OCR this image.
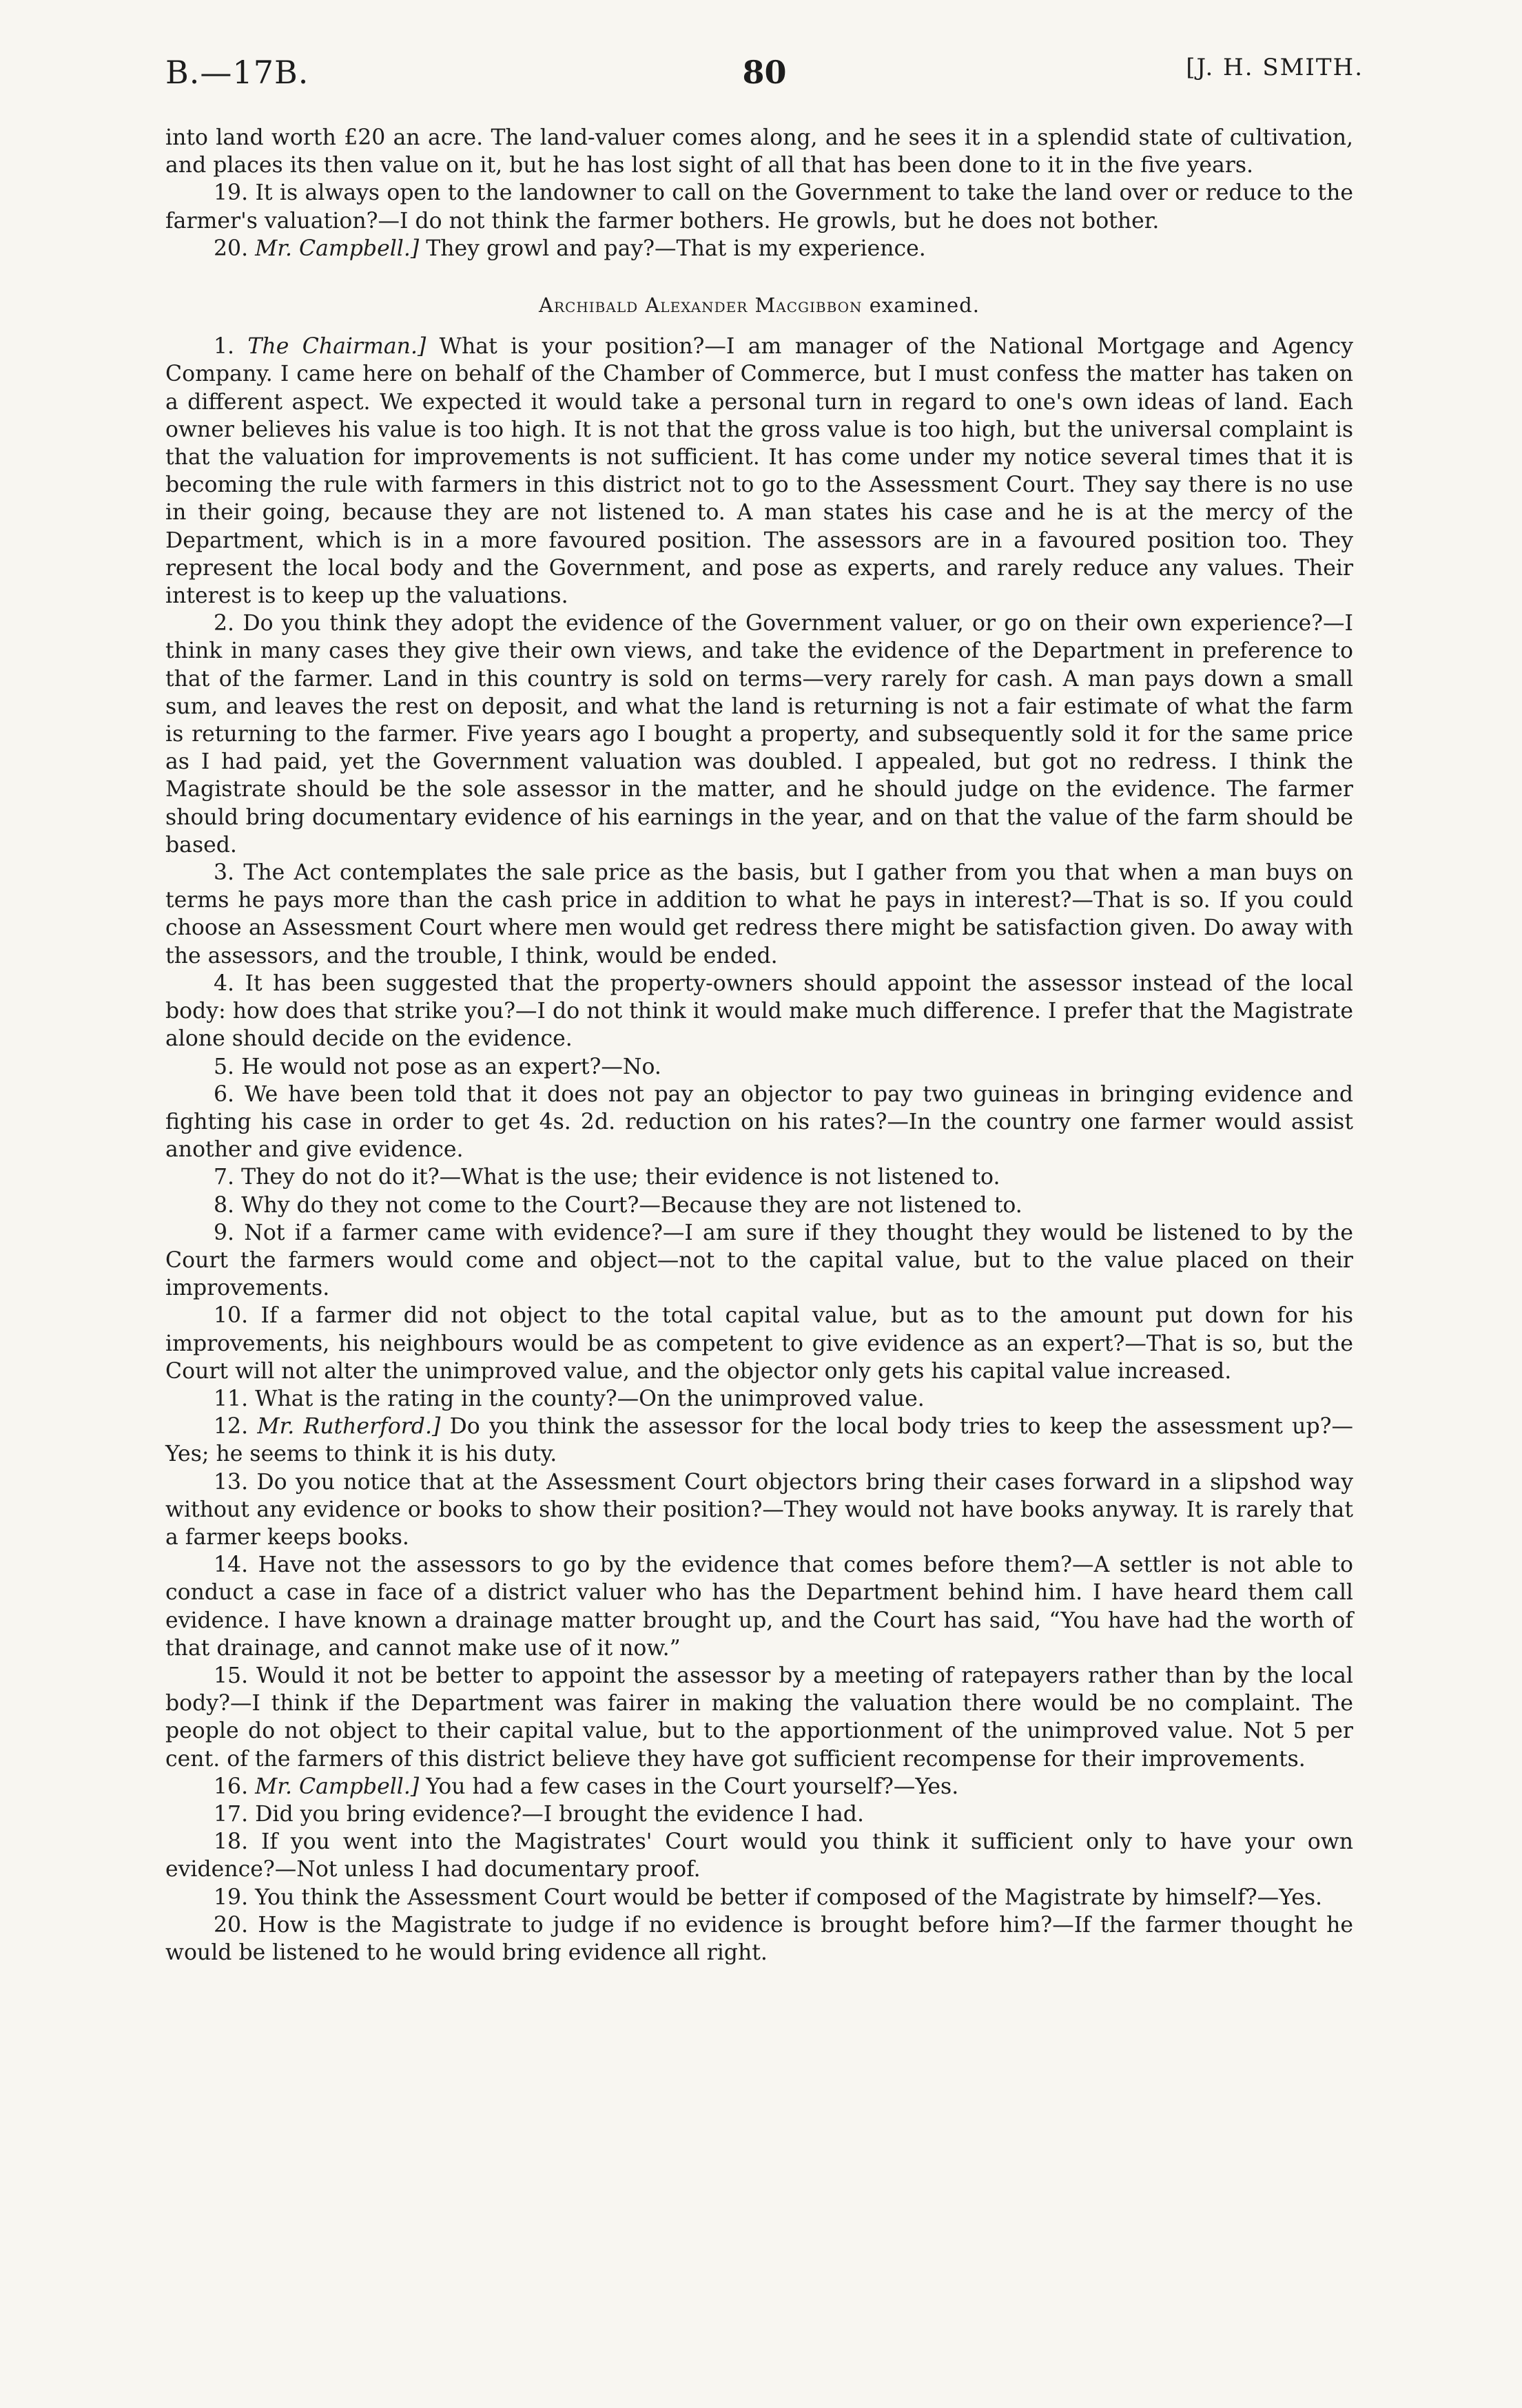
B.—17B.	80	[J. H. SMITH.

into land worth £20 an acre. The land-valuer comes along, and he sees it in a splendid state of cultivation, and places its then value on it, but he has lost sight of all that has been done to it in the five years.

19. It is always open to the landowner to call on the Government to take the land over or reduce to the farmer's valuation?—I do not think the farmer bothers. He growls, but he does not bother.

20. Mr. Campbell.] They growl and pay?—That is my experience.

Archibald Alexander Macgibbon examined.

1. The Chairman.] What is your position?—I am manager of the National Mortgage and Agency Company. I came here on behalf of the Chamber of Commerce, but I must confess the matter has taken on a different aspect. We expected it would take a personal turn in regard to one's own ideas of land. Each owner believes his value is too high. It is not that the gross value is too high, but the universal complaint is that the valuation for improvements is not sufficient. It has come under my notice several times that it is becoming the rule with farmers in this district not to go to the Assessment Court. They say there is no use in their going, because they are not listened to. A man states his case and he is at the mercy of the Department, which is in a more favoured position. The assessors are in a favoured position too. They represent the local body and the Government, and pose as experts, and rarely reduce any values. Their interest is to keep up the valuations.

2. Do you think they adopt the evidence of the Government valuer, or go on their own experience?—I think in many cases they give their own views, and take the evidence of the Department in preference to that of the farmer. Land in this country is sold on terms—very rarely for cash. A man pays down a small sum, and leaves the rest on deposit, and what the land is returning is not a fair estimate of what the farm is returning to the farmer. Five years ago I bought a property, and subsequently sold it for the same price as I had paid, yet the Government valuation was doubled. I appealed, but got no redress. I think the Magistrate should be the sole assessor in the matter, and he should judge on the evidence. The farmer should bring documentary evidence of his earnings in the year, and on that the value of the farm should be based.

3. The Act contemplates the sale price as the basis, but I gather from you that when a man buys on terms he pays more than the cash price in addition to what he pays in interest?—That is so. If you could choose an Assessment Court where men would get redress there might be satisfaction given. Do away with the assessors, and the trouble, I think, would be ended.

4. It has been suggested that the property-owners should appoint the assessor instead of the local body: how does that strike you?—I do not think it would make much difference. I prefer that the Magistrate alone should decide on the evidence.

5. He would not pose as an expert?—No.

6. We have been told that it does not pay an objector to pay two guineas in bringing evidence and fighting his case in order to get 4s. 2d. reduction on his rates?—In the country one farmer would assist another and give evidence.

7. They do not do it?—What is the use; their evidence is not listened to.

8. Why do they not come to the Court?—Because they are not listened to.

9. Not if a farmer came with evidence?—I am sure if they thought they would be listened to by the Court the farmers would come and object—not to the capital value, but to the value placed on their improvements.

10. If a farmer did not object to the total capital value, but as to the amount put down for his improvements, his neighbours would be as competent to give evidence as an expert?—That is so, but the Court will not alter the unimproved value, and the objector only gets his capital value increased.

11. What is the rating in the county?—On the unimproved value.

12. Mr. Rutherford.] Do you think the assessor for the local body tries to keep the assessment up?—Yes; he seems to think it is his duty.

13. Do you notice that at the Assessment Court objectors bring their cases forward in a slipshod way without any evidence or books to show their position?—They would not have books anyway. It is rarely that a farmer keeps books.

14. Have not the assessors to go by the evidence that comes before them?—A settler is not able to conduct a case in face of a district valuer who has the Department behind him. I have heard them call evidence. I have known a drainage matter brought up, and the Court has said, “You have had the worth of that drainage, and cannot make use of it now.”

15. Would it not be better to appoint the assessor by a meeting of ratepayers rather than by the local body?—I think if the Department was fairer in making the valuation there would be no complaint. The people do not object to their capital value, but to the apportionment of the unimproved value. Not 5 per cent. of the farmers of this district believe they have got sufficient recompense for their improvements.

16. Mr. Campbell.] You had a few cases in the Court yourself?—Yes.

17. Did you bring evidence?—I brought the evidence I had.

18. If you went into the Magistrates' Court would you think it sufficient only to have your own evidence?—Not unless I had documentary proof.

19. You think the Assessment Court would be better if composed of the Magistrate by himself?—Yes.

20. How is the Magistrate to judge if no evidence is brought before him?—If the farmer thought he would be listened to he would bring evidence all right.
